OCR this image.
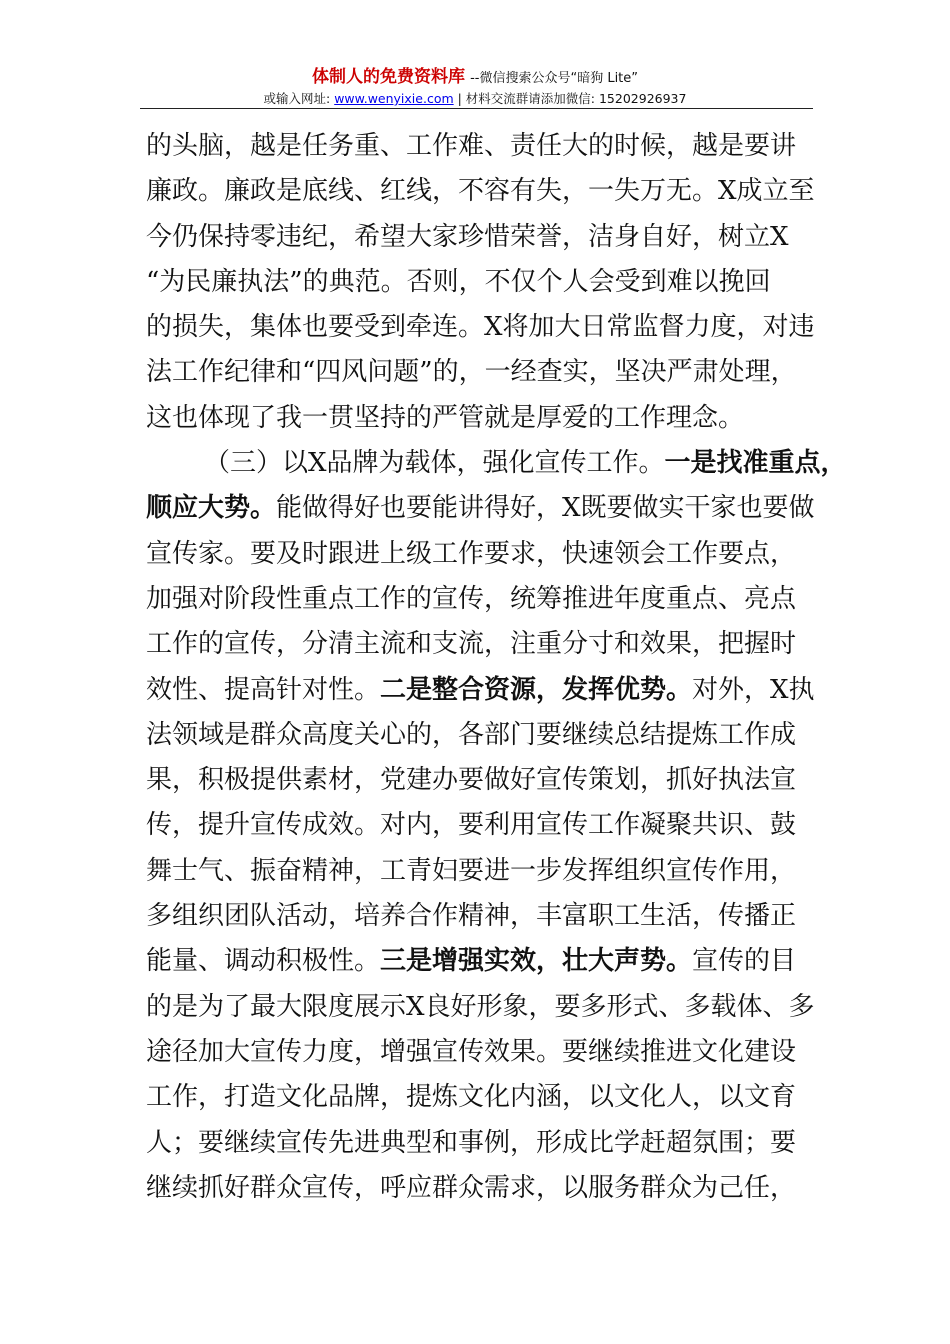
体制人的免费资料库 --微信搜索公众号“暗狗 Lite”
或输入网址: www.wenyixie.com | 材料交流群请添加微信: 15202926937
的头脑，越是任务重、工作难、责任大的时候，越是要讲
廉政。廉政是底线、红线，不容有失，一失万无。X成立至
今仍保持零违纪，希望大家珍惜荣誉，洁身自好，树立X
“为民廉执法”的典范。否则，不仅个人会受到难以挽回
的损失，集体也要受到牵连。X将加大日常监督力度，对违
法工作纪律和“四风问题”的，一经查实，坚决严肃处理，
这也体现了我一贯坚持的严管就是厚爱的工作理念。
（三）以X品牌为载体，强化宣传工作。一是找准重点，
顺应大势。能做得好也要能讲得好，X既要做实干家也要做
宣传家。要及时跟进上级工作要求，快速领会工作要点，
加强对阶段性重点工作的宣传，统筹推进年度重点、亮点
工作的宣传，分清主流和支流，注重分寸和效果，把握时
效性、提高针对性。二是整合资源，发挥优势。对外，X执
法领域是群众高度关心的，各部门要继续总结提炼工作成
果，积极提供素材，党建办要做好宣传策划，抓好执法宣
传，提升宣传成效。对内，要利用宣传工作凝聚共识、鼓
舞士气、振奋精神，工青妇要进一步发挥组织宣传作用，
多组织团队活动，培养合作精神，丰富职工生活，传播正
能量、调动积极性。三是增强实效，壮大声势。宣传的目
的是为了最大限度展示X良好形象，要多形式、多载体、多
途径加大宣传力度，增强宣传效果。要继续推进文化建设
工作，打造文化品牌，提炼文化内涵，以文化人，以文育
人；要继续宣传先进典型和事例，形成比学赶超氛围；要
继续抓好群众宣传，呼应群众需求，以服务群众为己任，
